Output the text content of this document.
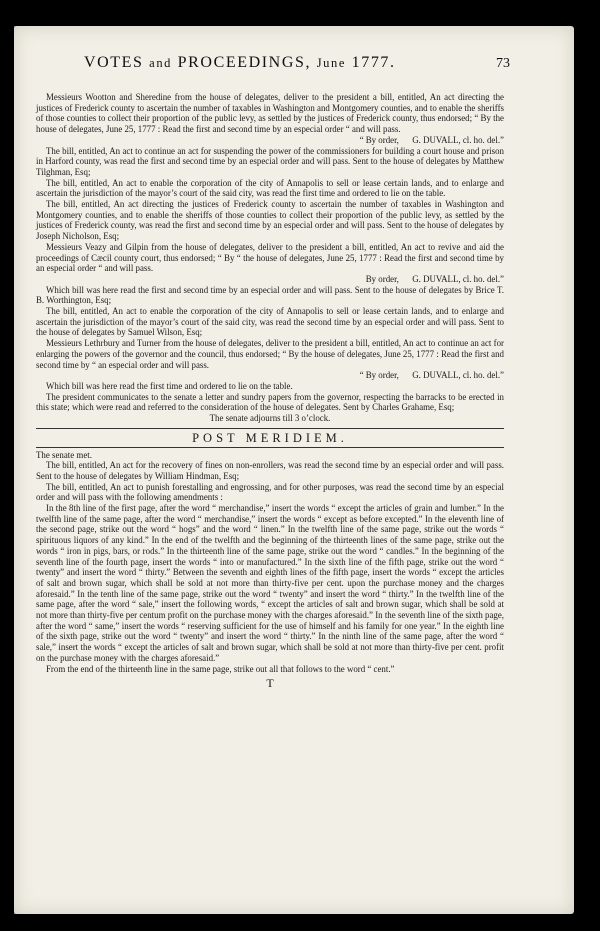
VOTES and PROCEEDINGS, June 1777.	73

Messieurs Wootton and Sheredine from the house of delegates, deliver to the president a bill, entitled, An act directing the justices of Frederick county to ascertain the number of taxables in Washington and Montgomery counties, and to enable the sheriffs of those counties to collect their proportion of the public levy, as settled by the justices of Frederick county, thus endorsed; “ By the house of delegates, June 25, 1777 : Read the first and second time by an especial order “ and will pass.

“ By order, G. DUVALL, cl. ho. del.”

The bill, entitled, An act to continue an act for suspending the power of the commissioners for building a court house and prison in Harford county, was read the first and second time by an especial order and will pass. Sent to the house of delegates by Matthew Tilghman, Esq;

The bill, entitled, An act to enable the corporation of the city of Annapolis to sell or lease certain lands, and to enlarge and ascertain the jurisdiction of the mayor’s court of the said city, was read the first time and ordered to lie on the table.

The bill, entitled, An act directing the justices of Frederick county to ascertain the number of taxables in Washington and Montgomery counties, and to enable the sheriffs of those counties to collect their proportion of the public levy, as settled by the justices of Frederick county, was read the first and second time by an especial order and will pass. Sent to the house of delegates by Joseph Nicholson, Esq;

Messieurs Veazy and Gilpin from the house of delegates, deliver to the president a bill, entitled, An act to revive and aid the proceedings of Cæcil county court, thus endorsed; “ By “ the house of delegates, June 25, 1777 : Read the first and second time by an especial order “ and will pass.

By order, G. DUVALL, cl. ho. del.”

Which bill was here read the first and second time by an especial order and will pass. Sent to the house of delegates by Brice T. B. Worthington, Esq;

The bill, entitled, An act to enable the corporation of the city of Annapolis to sell or lease certain lands, and to enlarge and ascertain the jurisdiction of the mayor’s court of the said city, was read the second time by an especial order and will pass. Sent to the house of delegates by Samuel Wilson, Esq;

Messieurs Lethrbury and Turner from the house of delegates, deliver to the president a bill, entitled, An act to continue an act for enlarging the powers of the governor and the council, thus endorsed; “ By the house of delegates, June 25, 1777 : Read the first and second time by “ an especial order and will pass.

“ By order, G. DUVALL, cl. ho. del.”

Which bill was here read the first time and ordered to lie on the table.

The president communicates to the senate a letter and sundry papers from the governor, respecting the barracks to be erected in this state; which were read and referred to the consideration of the house of delegates. Sent by Charles Grahame, Esq;

The senate adjourns till 3 o’clock.

POST MERIDIEM.

The senate met.

The bill, entitled, An act for the recovery of fines on non-enrollers, was read the second time by an especial order and will pass. Sent to the house of delegates by William Hindman, Esq;

The bill, entitled, An act to punish forestalling and engrossing, and for other purposes, was read the second time by an especial order and will pass with the following amendments :

In the 8th line of the first page, after the word “ merchandise,” insert the words “ except the articles of grain and lumber.” In the twelfth line of the same page, after the word “ merchandise,” insert the words “ except as before excepted.” In the eleventh line of the second page, strike out the word “ hogs” and the word “ linen.” In the twelfth line of the same page, strike out the words “ spirituous liquors of any kind.” In the end of the twelfth and the beginning of the thirteenth lines of the same page, strike out the words “ iron in pigs, bars, or rods.” In the thirteenth line of the same page, strike out the word “ candles.” In the beginning of the seventh line of the fourth page, insert the words “ into or manufactured.” In the sixth line of the fifth page, strike out the word “ twenty” and insert the word “ thirty.” Between the seventh and eighth lines of the fifth page, insert the words “ except the articles of salt and brown sugar, which shall be sold at not more than thirty-five per cent. upon the purchase money and the charges aforesaid.” In the tenth line of the same page, strike out the word “ twenty” and insert the word “ thirty.” In the twelfth line of the same page, after the word “ sale,” insert the following words, “ except the articles of salt and brown sugar, which shall be sold at not more than thirty-five per centum profit on the purchase money with the charges aforesaid.” In the seventh line of the sixth page, after the word “ same,” insert the words “ reserving sufficient for the use of himself and his family for one year.” In the eighth line of the sixth page, strike out the word “ twenty” and insert the word “ thirty.” In the ninth line of the same page, after the word “ sale,” insert the words “ except the articles of salt and brown sugar, which shall be sold at not more than thirty-five per cent. profit on the purchase money with the charges aforesaid.”

From the end of the thirteenth line in the same page, strike out all that follows to the word “ cent.”

T
